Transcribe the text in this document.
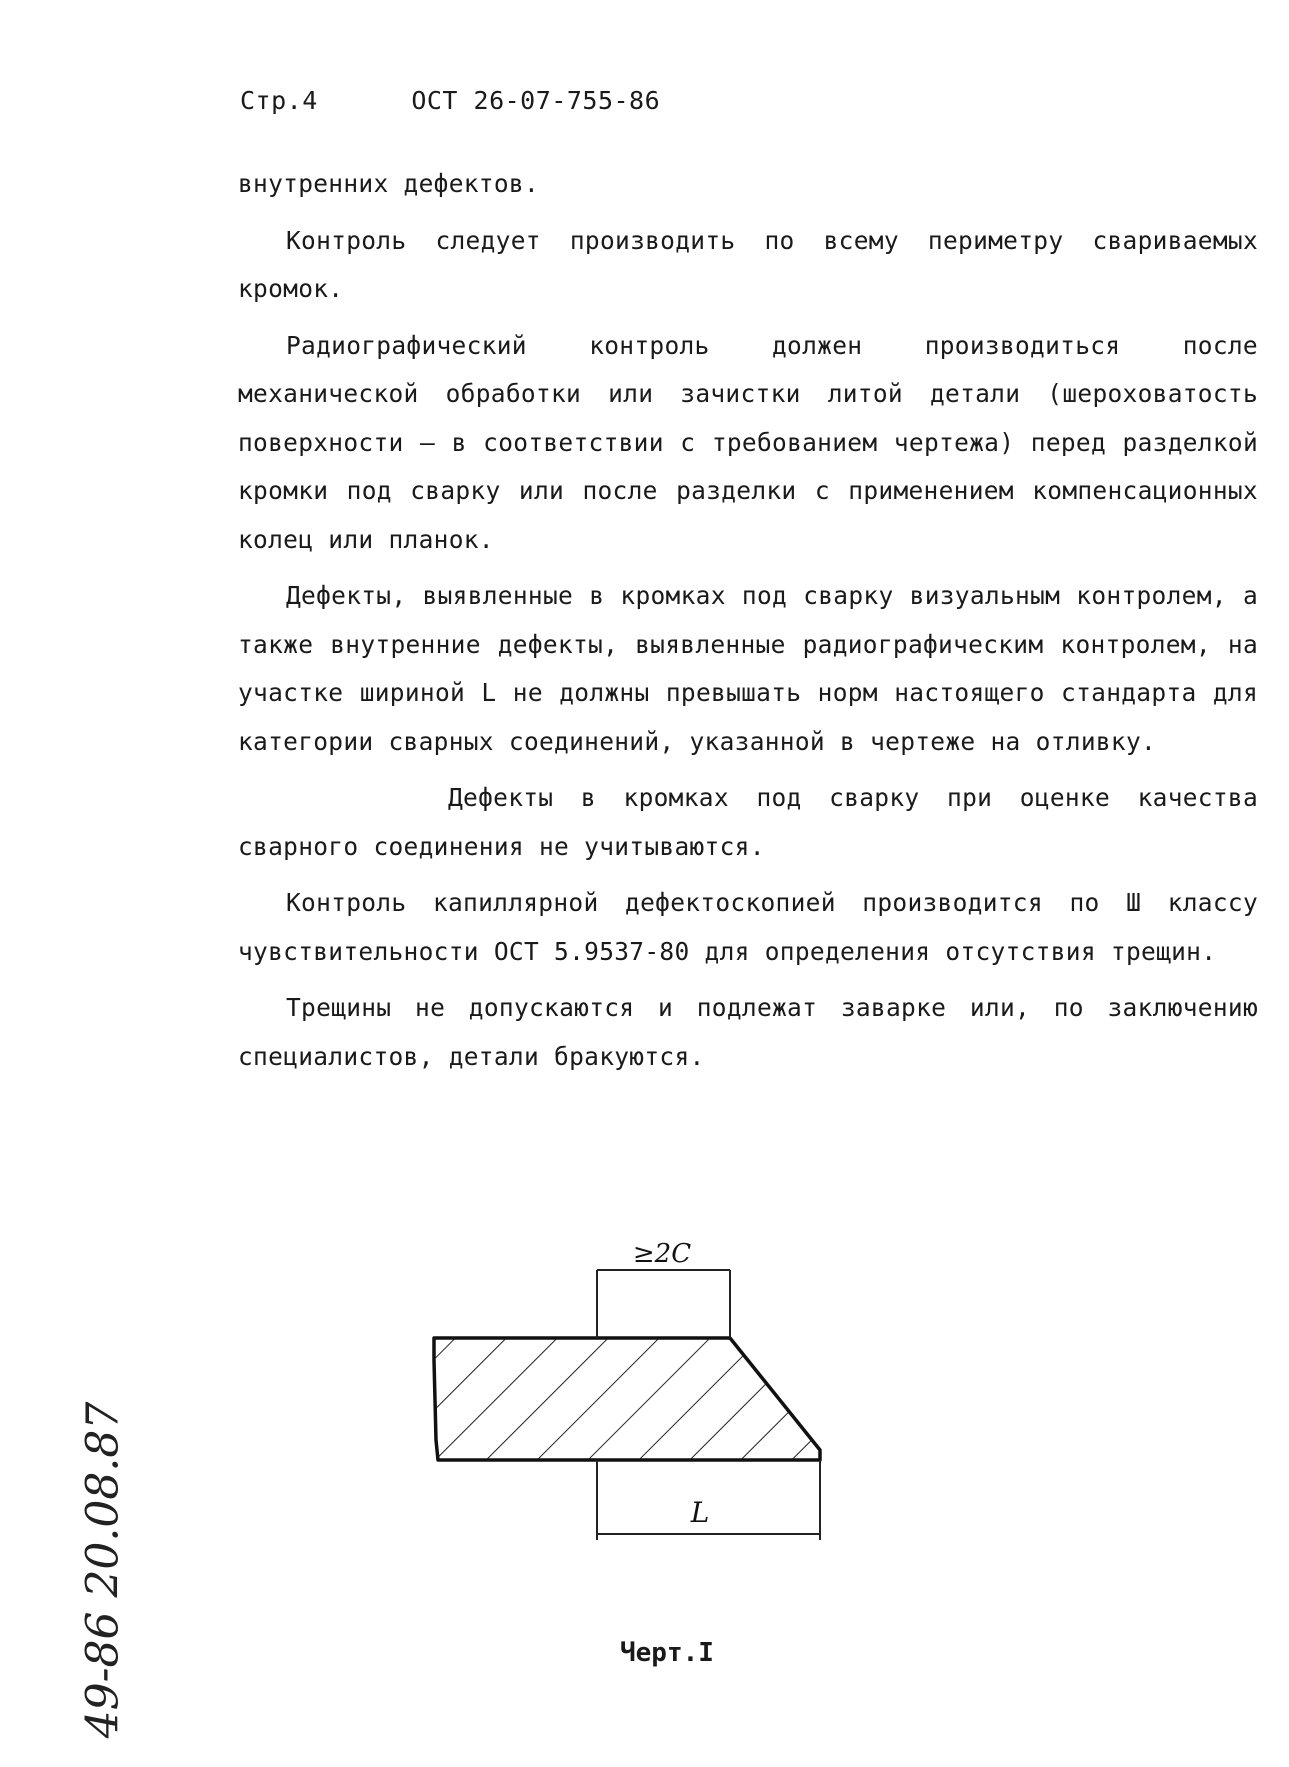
Стр.4	ОСТ 26-07-755-86

внутренних дефектов.

Контроль следует производить по всему периметру свариваемых кромок.

Радиографический контроль должен производиться после механической обработки или зачистки литой детали (шероховатость поверхности – в соответствии с требованием чертежа) перед разделкой кромки под сварку или после разделки с применением компенсационных колец или планок.

Дефекты, выявленные в кромках под сварку визуальным контролем, а также внутренние дефекты, выявленные радиографическим контролем, на участке шириной L не должны превышать норм настоящего стандарта для категории сварных соединений, указанной в чертеже на отливку.

Дефекты в кромках под сварку при оценке качества сварного соединения не учитываются.

Контроль капиллярной дефектоскопией производится по Ш классу чувствительности ОСТ 5.9537-80 для определения отсутствия трещин.

Трещины не допускаются и подлежат заварке или, по заключению специалистов, детали бракуются.

≥2C
L
Черт.I
49-86 20.08.87
